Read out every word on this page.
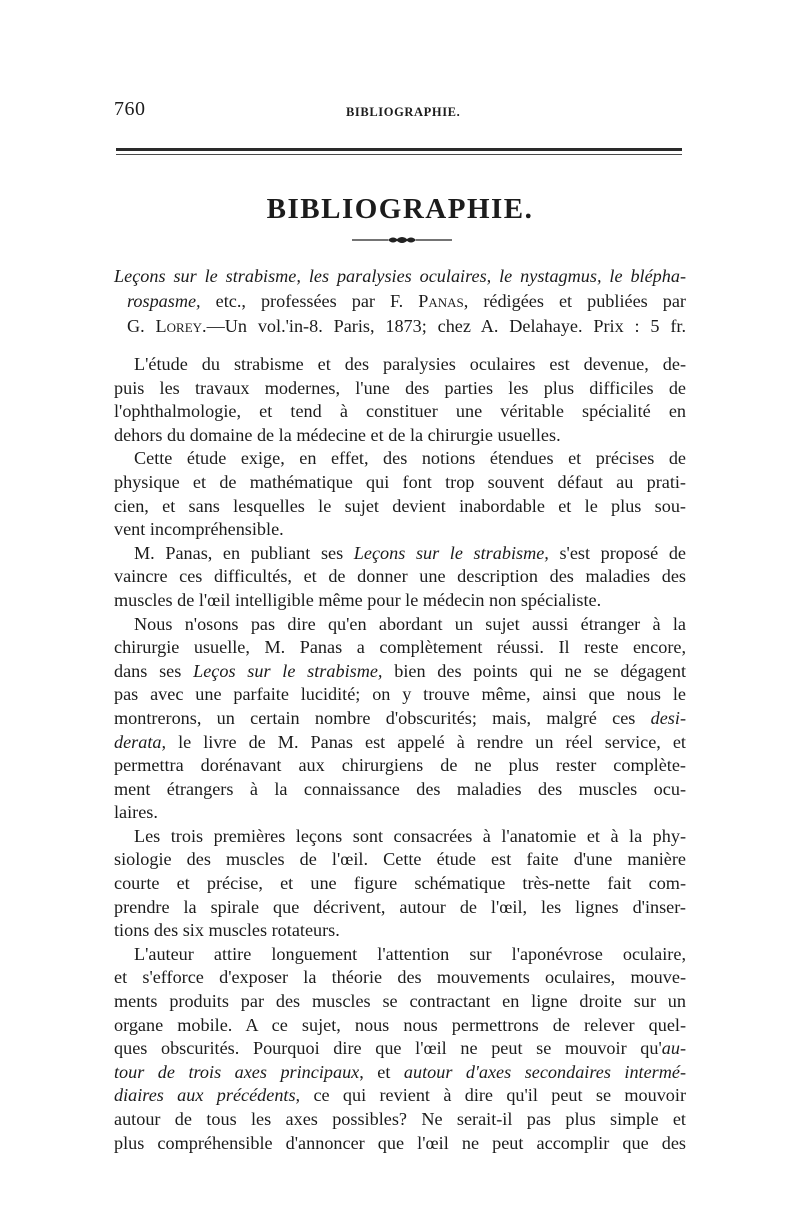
760	BIBLIOGRAPHIE.
BIBLIOGRAPHIE.
Leçons sur le strabisme, les paralysies oculaires, le nystagmus, le blépha-
rospasme, etc., professées par F. Panas, rédigées et publiées par
G. Lorey.—Un vol.'in-8. Paris, 1873; chez A. Delahaye. Prix : 5 fr.
L'étude du strabisme et des paralysies oculaires est devenue, de-
puis les travaux modernes, l'une des parties les plus difficiles de
l'ophthalmologie, et tend à constituer une véritable spécialité en
dehors du domaine de la médecine et de la chirurgie usuelles.
Cette étude exige, en effet, des notions étendues et précises de
physique et de mathématique qui font trop souvent défaut au prati-
cien, et sans lesquelles le sujet devient inabordable et le plus sou-
vent incompréhensible.
M. Panas, en publiant ses Leçons sur le strabisme, s'est proposé de
vaincre ces difficultés, et de donner une description des maladies des
muscles de l'œil intelligible même pour le médecin non spécialiste.
Nous n'osons pas dire qu'en abordant un sujet aussi étranger à la
chirurgie usuelle, M. Panas a complètement réussi. Il reste encore,
dans ses Leços sur le strabisme, bien des points qui ne se dégagent
pas avec une parfaite lucidité; on y trouve même, ainsi que nous le
montrerons, un certain nombre d'obscurités; mais, malgré ces desi-
derata, le livre de M. Panas est appelé à rendre un réel service, et
permettra dorénavant aux chirurgiens de ne plus rester complète-
ment étrangers à la connaissance des maladies des muscles ocu-
laires.
Les trois premières leçons sont consacrées à l'anatomie et à la phy-
siologie des muscles de l'œil. Cette étude est faite d'une manière
courte et précise, et une figure schématique très-nette fait com-
prendre la spirale que décrivent, autour de l'œil, les lignes d'inser-
tions des six muscles rotateurs.
L'auteur attire longuement l'attention sur l'aponévrose oculaire,
et s'efforce d'exposer la théorie des mouvements oculaires, mouve-
ments produits par des muscles se contractant en ligne droite sur un
organe mobile. A ce sujet, nous nous permettrons de relever quel-
ques obscurités. Pourquoi dire que l'œil ne peut se mouvoir qu'au-
tour de trois axes principaux, et autour d'axes secondaires intermé-
diaires aux précédents, ce qui revient à dire qu'il peut se mouvoir
autour de tous les axes possibles? Ne serait-il pas plus simple et
plus compréhensible d'annoncer que l'œil ne peut accomplir que des
